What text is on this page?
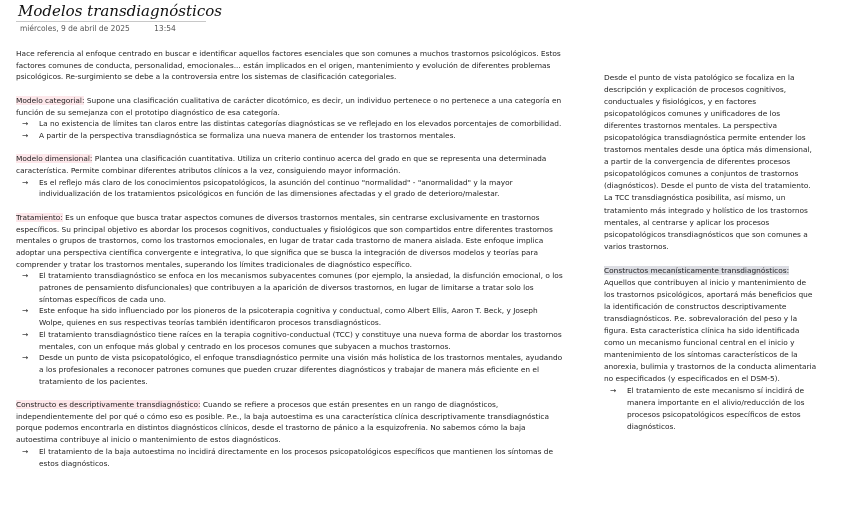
Modelos transdiagnósticos
miércoles, 9 de abril de 2025	13:54

Hace referencia al enfoque centrado en buscar e identificar aquellos factores esenciales que son comunes a muchos trastornos psicológicos. Estos factores comunes de conducta, personalidad, emocionales... están implicados en el origen, mantenimiento y evolución de diferentes problemas psicológicos. Re-surgimiento se debe a la controversia entre los sistemas de clasificación categoriales.

Modelo categorial: Supone una clasificación cualitativa de carácter dicotómico, es decir, un individuo pertenece o no pertenece a una categoría en función de su semejanza con el prototipo diagnóstico de esa categoría.

→ La no existencia de límites tan claros entre las distintas categorías diagnósticas se ve reflejado en los elevados porcentajes de comorbilidad.
→ A partir de la perspectiva transdiagnóstica se formaliza una nueva manera de entender los trastornos mentales.

Modelo dimensional: Plantea una clasificación cuantitativa. Utiliza un criterio continuo acerca del grado en que se representa una determinada característica. Permite combinar diferentes atributos clínicos a la vez, consiguiendo mayor información.

→ Es el reflejo más claro de los conocimientos psicopatológicos, la asunción del continuo "normalidad" - "anormalidad" y la mayor individualización de los tratamientos psicológicos en función de las dimensiones afectadas y el grado de deterioro/malestar.

Tratamiento: Es un enfoque que busca tratar aspectos comunes de diversos trastornos mentales, sin centrarse exclusivamente en trastornos específicos. Su principal objetivo es abordar los procesos cognitivos, conductuales y fisiológicos que son compartidos entre diferentes trastornos mentales o grupos de trastornos, como los trastornos emocionales, en lugar de tratar cada trastorno de manera aislada. Este enfoque implica adoptar una perspectiva científica convergente e integrativa, lo que significa que se busca la integración de diversos modelos y teorías para comprender y tratar los trastornos mentales, superando los límites tradicionales de diagnóstico específico.

→ El tratamiento transdiagnóstico se enfoca en los mecanismos subyacentes comunes (por ejemplo, la ansiedad, la disfunción emocional, o los patrones de pensamiento disfuncionales) que contribuyen a la aparición de diversos trastornos, en lugar de limitarse a tratar solo los síntomas específicos de cada uno.
→ Este enfoque ha sido influenciado por los pioneros de la psicoterapia cognitiva y conductual, como Albert Ellis, Aaron T. Beck, y Joseph Wolpe, quienes en sus respectivas teorías también identificaron procesos transdiagnósticos.
→ El tratamiento transdiagnóstico tiene raíces en la terapia cognitivo-conductual (TCC) y constituye una nueva forma de abordar los trastornos mentales, con un enfoque más global y centrado en los procesos comunes que subyacen a muchos trastornos.
→ Desde un punto de vista psicopatológico, el enfoque transdiagnóstico permite una visión más holística de los trastornos mentales, ayudando a los profesionales a reconocer patrones comunes que pueden cruzar diferentes diagnósticos y trabajar de manera más eficiente en el tratamiento de los pacientes.

Constructo es descriptivamente transdiagnóstico: Cuando se refiere a procesos que están presentes en un rango de diagnósticos, independientemente del por qué o cómo eso es posible. P.e., la baja autoestima es una característica clínica descriptivamente transdiagnóstica porque podemos encontrarla en distintos diagnósticos clínicos, desde el trastorno de pánico a la esquizofrenia. No sabemos cómo la baja autoestima contribuye al inicio o mantenimiento de estos diagnósticos.

→ El tratamiento de la baja autoestima no incidirá directamente en los procesos psicopatológicos específicos que mantienen los síntomas de estos diagnósticos.

Desde el punto de vista patológico se focaliza en la descripción y explicación de procesos cognitivos, conductuales y fisiológicos, y en factores psicopatológicos comunes y unificadores de los diferentes trastornos mentales. La perspectiva psicopatológica transdiagnóstica permite entender los trastornos mentales desde una óptica más dimensional, a partir de la convergencia de diferentes procesos psicopatológicos comunes a conjuntos de trastornos (diagnósticos). Desde el punto de vista del tratamiento. La TCC transdiagnóstica posibilita, así mismo, un tratamiento más integrado y holístico de los trastornos mentales, al centrarse y aplicar los procesos psicopatológicos transdiagnósticos que son comunes a varios trastornos.

Constructos mecanísticamente transdiagnósticos:
Aquellos que contribuyen al inicio y mantenimiento de los trastornos psicológicos, aportará más beneficios que la identificación de constructos descriptivamente transdiagnósticos. P.e. sobrevaloración del peso y la figura. Esta característica clínica ha sido identificada como un mecanismo funcional central en el inicio y mantenimiento de los síntomas característicos de la anorexia, bulimia y trastornos de la conducta alimentaria no especificados (y especificados en el DSM-5).

→ El tratamiento de este mecanismo sí incidirá de manera importante en el alivio/reducción de los procesos psicopatológicos específicos de estos diagnósticos.
